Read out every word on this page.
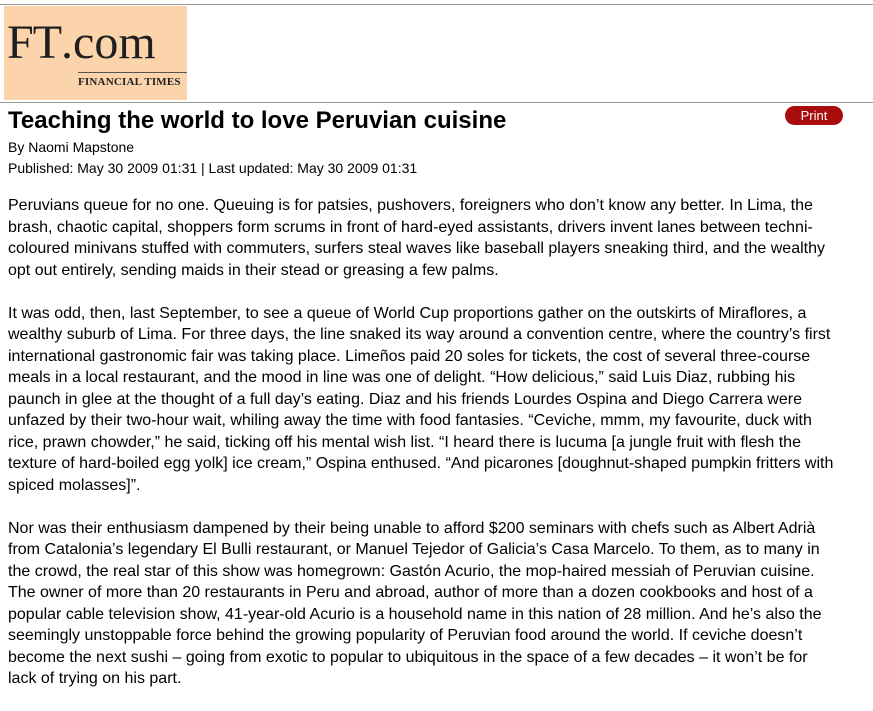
FT.com
FINANCIAL TIMES
Print
Teaching the world to love Peruvian cuisine
By Naomi Mapstone
Published: May 30 2009 01:31 | Last updated: May 30 2009 01:31

Peruvians queue for no one. Queuing is for patsies, pushovers, foreigners who don’t know any better. In Lima, the brash, chaotic capital, shoppers form scrums in front of hard-eyed assistants, drivers invent lanes between techni-coloured minivans stuffed with commuters, surfers steal waves like baseball players sneaking third, and the wealthy opt out entirely, sending maids in their stead or greasing a few palms.

It was odd, then, last September, to see a queue of World Cup proportions gather on the outskirts of Miraflores, a wealthy suburb of Lima. For three days, the line snaked its way around a convention centre, where the country’s first international gastronomic fair was taking place. Limeños paid 20 soles for tickets, the cost of several three-course meals in a local restaurant, and the mood in line was one of delight. “How delicious,” said Luis Diaz, rubbing his paunch in glee at the thought of a full day’s eating. Diaz and his friends Lourdes Ospina and Diego Carrera were unfazed by their two-hour wait, whiling away the time with food fantasies. “Ceviche, mmm, my favourite, duck with rice, prawn chowder,” he said, ticking off his mental wish list. “I heard there is lucuma [a jungle fruit with flesh the texture of hard-boiled egg yolk] ice cream,” Ospina enthused. “And picarones [doughnut-shaped pumpkin fritters with spiced molasses]”.

Nor was their enthusiasm dampened by their being unable to afford $200 seminars with chefs such as Albert Adrià from Catalonia’s legendary El Bulli restaurant, or Manuel Tejedor of Galicia’s Casa Marcelo. To them, as to many in the crowd, the real star of this show was homegrown: Gastón Acurio, the mop-haired messiah of Peruvian cuisine. The owner of more than 20 restaurants in Peru and abroad, author of more than a dozen cookbooks and host of a popular cable television show, 41-year-old Acurio is a household name in this nation of 28 million. And he’s also the seemingly unstoppable force behind the growing popularity of Peruvian food around the world. If ceviche doesn’t become the next sushi – going from exotic to popular to ubiquitous in the space of a few decades – it won’t be for lack of trying on his part.
